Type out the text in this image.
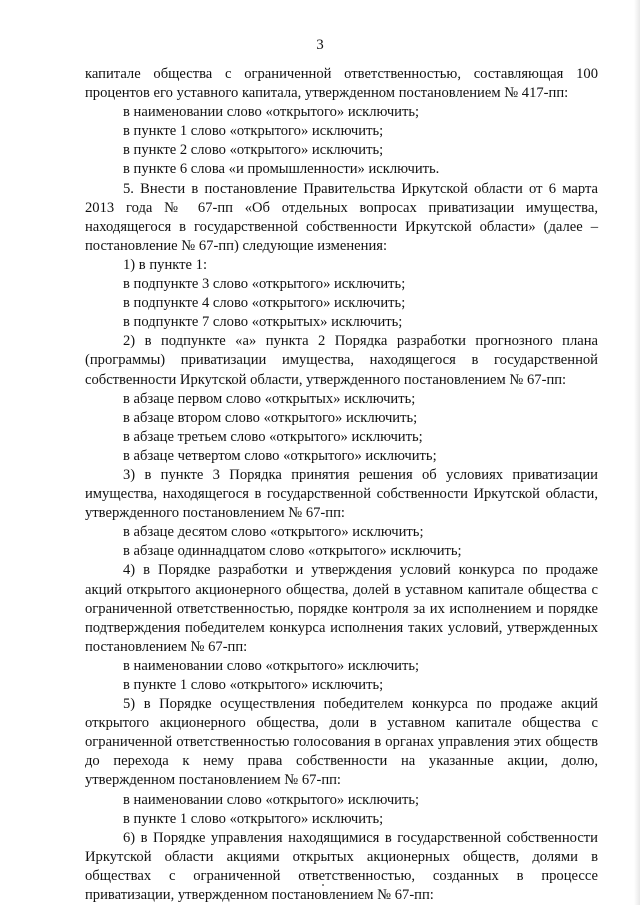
3

капитале общества с ограниченной ответственностью, составляющая 100 процентов его уставного капитала, утвержденном постановлением № 417-пп:

в наименовании слово «открытого» исключить;

в пункте 1 слово «открытого» исключить;

в пункте 2 слово «открытого» исключить;

в пункте 6 слова «и промышленности» исключить.

5. Внести в постановление Правительства Иркутской области от 6 марта 2013 года № 67-пп «Об отдельных вопросах приватизации имущества, находящегося в государственной собственности Иркутской области» (далее – постановление № 67-пп) следующие изменения:

1) в пункте 1:

в подпункте 3 слово «открытого» исключить;

в подпункте 4 слово «открытого» исключить;

в подпункте 7 слово «открытых» исключить;

2) в подпункте «а» пункта 2 Порядка разработки прогнозного плана (программы) приватизации имущества, находящегося в государственной собственности Иркутской области, утвержденного постановлением № 67-пп:

в абзаце первом слово «открытых» исключить;

в абзаце втором слово «открытого» исключить;

в абзаце третьем слово «открытого» исключить;

в абзаце четвертом слово «открытого» исключить;

3) в пункте 3 Порядка принятия решения об условиях приватизации имущества, находящегося в государственной собственности Иркутской области, утвержденного постановлением № 67-пп:

в абзаце десятом слово «открытого» исключить;

в абзаце одиннадцатом слово «открытого» исключить;

4) в Порядке разработки и утверждения условий конкурса по продаже акций открытого акционерного общества, долей в уставном капитале общества с ограниченной ответственностью, порядке контроля за их исполнением и порядке подтверждения победителем конкурса исполнения таких условий, утвержденных постановлением № 67-пп:

в наименовании слово «открытого» исключить;

в пункте 1 слово «открытого» исключить;

5) в Порядке осуществления победителем конкурса по продаже акций открытого акционерного общества, доли в уставном капитале общества с ограниченной ответственностью голосования в органах управления этих обществ до перехода к нему права собственности на указанные акции, долю, утвержденном постановлением № 67-пп:

в наименовании слово «открытого» исключить;

в пункте 1 слово «открытого» исключить;

6) в Порядке управления находящимися в государственной собственности Иркутской области акциями открытых акционерных обществ, долями в обществах с ограниченной ответственностью, созданных в процессе приватизации, утвержденном постановлением № 67-пп:
